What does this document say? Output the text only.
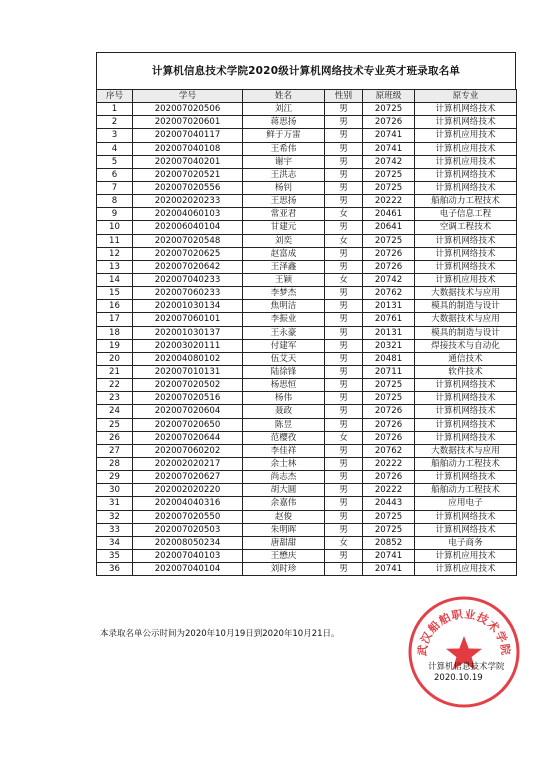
计算机信息技术学院2020级计算机网络技术专业英才班录取名单
序号	学号	姓名	性别	原班级	原专业
1	202007020506	刘江	男	20725	计算机网络技术
2	202007020601	蒋思扬	男	20726	计算机网络技术
3	202007040117	鲜于万雷	男	20741	计算机应用技术
4	202007040108	王希伟	男	20741	计算机应用技术
5	202007040201	谢宇	男	20742	计算机应用技术
6	202007020521	王洪志	男	20725	计算机网络技术
7	202007020556	杨钊	男	20725	计算机网络技术
8	202002020233	王思扬	男	20222	船舶动力工程技术
9	202004060103	常亚君	女	20461	电子信息工程
10	202006040104	甘建元	男	20641	空调工程技术
11	202007020548	刘奕	女	20725	计算机网络技术
12	202007020625	赵富成	男	20726	计算机网络技术
13	202007020642	王泽鑫	男	20726	计算机网络技术
14	202007040233	王颖	女	20742	计算机应用技术
15	202007060233	李梦杰	男	20762	大数据技术与应用
16	202001030134	焦明洁	男	20131	模具的制造与设计
17	202007060101	李振业	男	20761	大数据技术与应用
18	202001030137	王永豪	男	20131	模具的制造与设计
19	202003020111	付建军	男	20321	焊接技术与自动化
20	202004080102	伍艾天	男	20481	通信技术
21	202007010131	陆徐锋	男	20711	软件技术
22	202007020502	杨思恒	男	20725	计算机网络技术
23	202007020516	杨伟	男	20725	计算机网络技术
24	202007020604	聂政	男	20726	计算机网络技术
25	202007020650	陈昱	男	20726	计算机网络技术
26	202007020644	范樱孜	女	20726	计算机网络技术
27	202007060202	李佳祥	男	20762	大数据技术与应用
28	202002020217	余士林	男	20222	船舶动力工程技术
29	202007020627	尚志杰	男	20726	计算机网络技术
30	202002020220	胡大圆	男	20222	船舶动力工程技术
31	202004040316	余嘉伟	男	20443	应用电子
32	202007020550	赵俊	男	20725	计算机网络技术
33	202007020503	朱明晖	男	20725	计算机网络技术
34	202008050234	唐甜甜	女	20852	电子商务
35	202007040103	王懋庆	男	20741	计算机应用技术
36	202007040104	刘时珍	男	20741	计算机应用技术
本录取名单公示时间为2020年10月19日到2020年10月21日。
武汉船舶职业技术学院
计算机信息技术学院
2020.10.19
